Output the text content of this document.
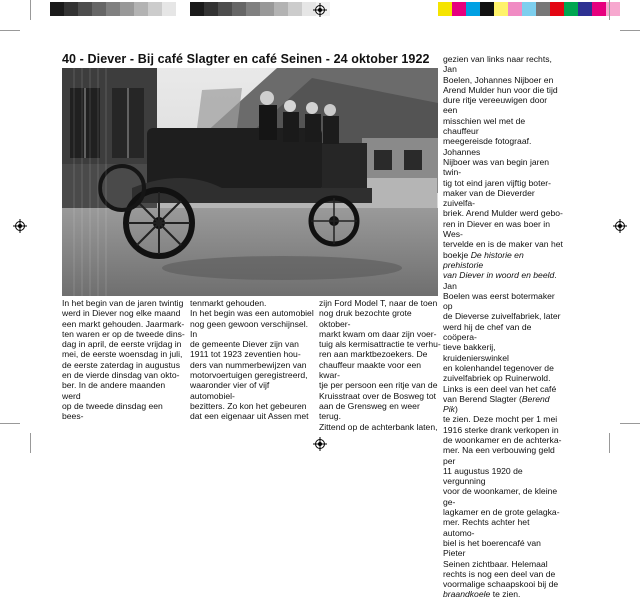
40 - Diever - Bij café Slagter en café Seinen - 24 oktober 1922

In het begin van de jaren twintig

werd in Diever nog elke maand

een markt gehouden. Jaarmark-

ten waren er op de tweede dins-

dag in april, de eerste vrijdag in

mei, de eerste woensdag in juli,

de eerste zaterdag in augustus

en de vierde dinsdag van okto-

ber. In de andere maanden werd

op de tweede dinsdag een bees-

tenmarkt gehouden.

In het begin was een automobiel

nog geen gewoon verschijnsel. In

de gemeente Diever zijn van

1911 tot 1923 zeventien hou-

ders van nummerbewijzen van

motorvoertuigen geregistreerd,

waaronder vier of vijf automobiel-

bezitters. Zo kon het gebeuren

dat een eigenaar uit Assen met

zijn Ford Model T, naar de toen

nog druk bezochte grote oktober-

markt kwam om daar zijn voer-

tuig als kermisattractie te verhu-

ren aan marktbezoekers. De

chauffeur maakte voor een kwar-

tje per persoon een ritje van de

Kruisstraat over de Bosweg tot

aan de Grensweg en weer terug.

Zittend op de achterbank laten,

gezien van links naar rechts, Jan

Boelen, Johannes Nijboer en

Arend Mulder hun voor die tijd

dure ritje vereeuwigen door een

misschien wel met de chauffeur

meegereisde fotograaf. Johannes

Nijboer was van begin jaren twin-

tig tot eind jaren vijftig boter-

maker van de Dieverder zuivelfa-

briek. Arend Mulder werd gebo-

ren in Diever en was boer in Wes-

tervelde en is de maker van het

boekje De historie en prehistorie

van Diever in woord en beeld. Jan

Boelen was eerst botermaker op

de Dieverse zuivelfabriek, later

werd hij de chef van de coöpera-

tieve bakkerij, kruidenierswinkel

en kolenhandel tegenover de

zuivelfabriek op Ruinerwold.

Links is een deel van het café

van Berend Slagter (Berend Pik)

te zien. Deze mocht per 1 mei

1916 sterke drank verkopen in

de woonkamer en de achterka-

mer. Na een verbouwing geld per

11 augustus 1920 de vergunning

voor de woonkamer, de kleine ge-

lagkamer en de grote gelagka-

mer. Rechts achter het automo-

biel is het boerencafé van Pieter

Seinen zichtbaar. Helemaal

rechts is nog een deel van de

voormalige schaapskooi bij de

braandkoele te zien.
